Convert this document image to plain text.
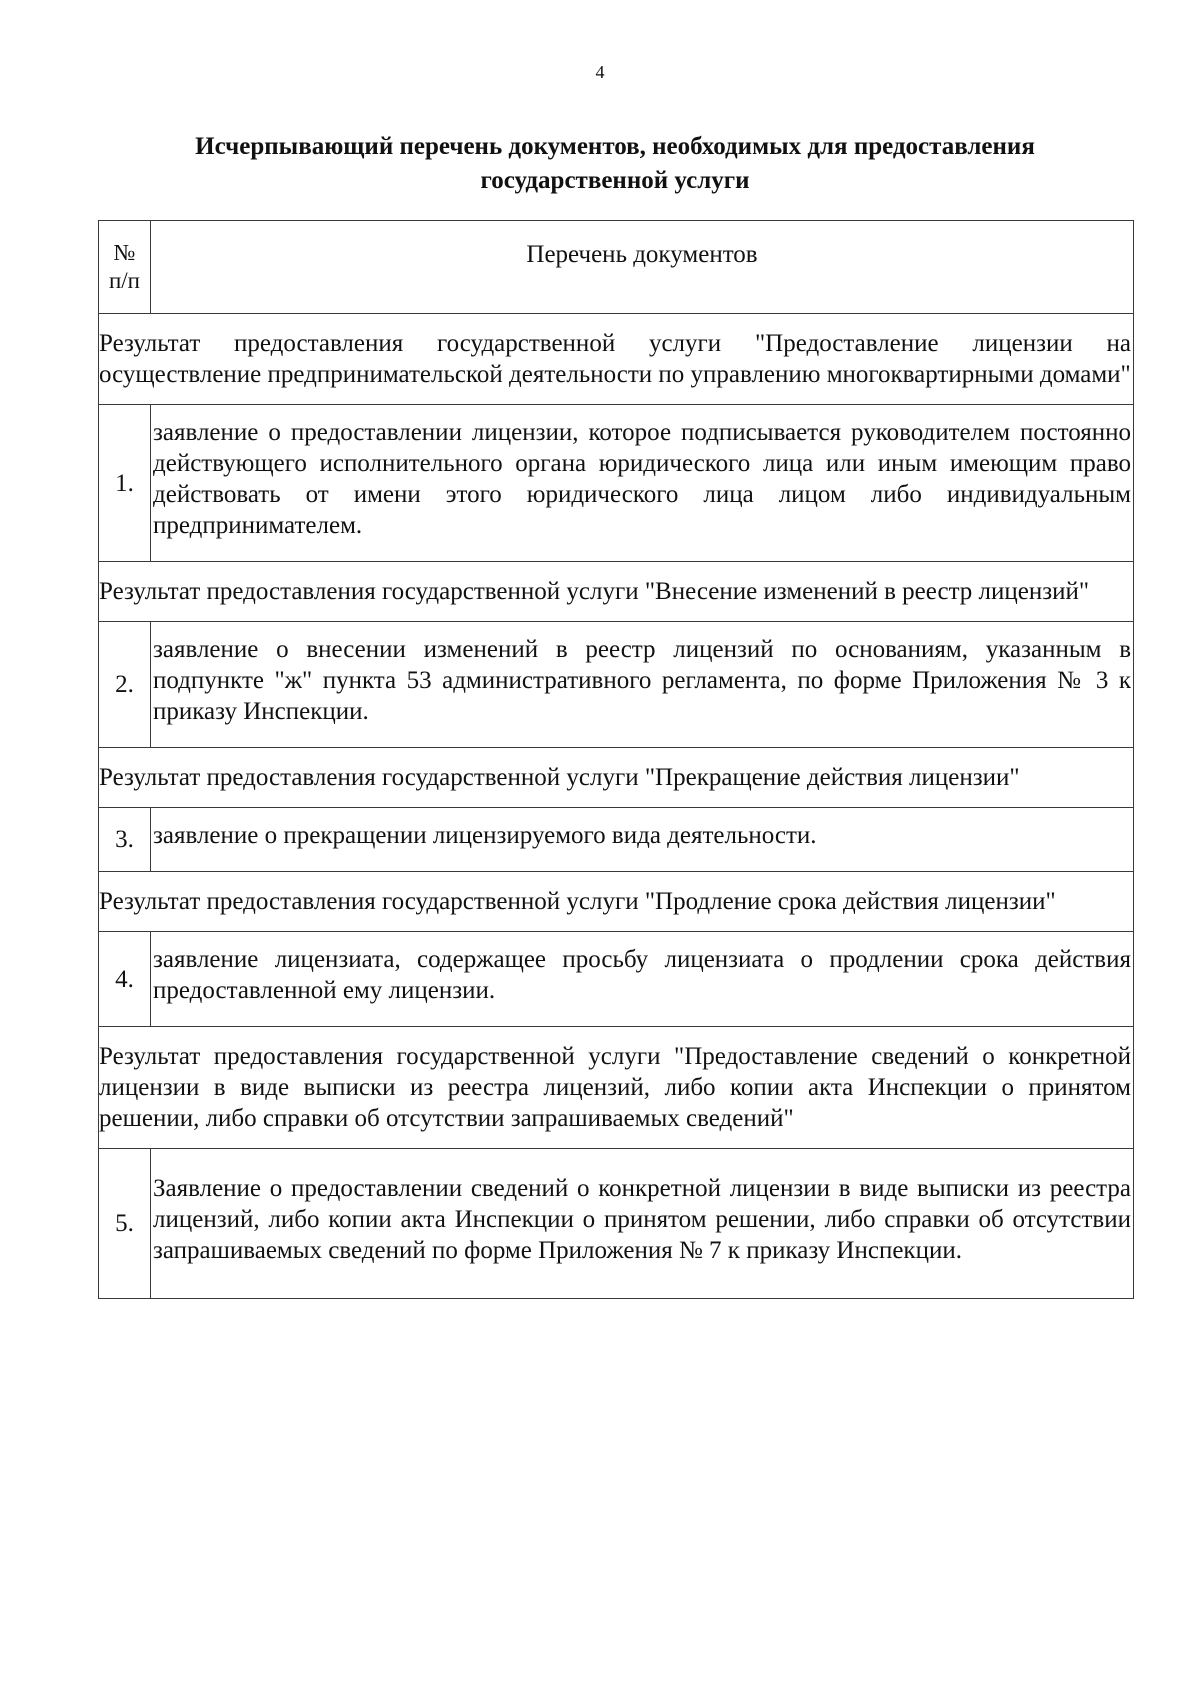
4
Исчерпывающий перечень документов, необходимых для предоставления
государственной услуги
№
п/п	Перечень документов
Результат предоставления государственной услуги "Предоставление лицензии на осуществление предпринимательской деятельности по управлению многоквартирными домами"	
1.	заявление о предоставлении лицензии, которое подписывается руководителем постоянно действующего исполнительного органа юридического лица или иным имеющим право действовать от имени этого юридического лица лицом либо индивидуальным предпринимателем.
Результат предоставления государственной услуги "Внесение изменений в реестр лицензий"	
2.	заявление о внесении изменений в реестр лицензий по основаниям, указанным в подпункте "ж" пункта 53 административного регламента, по форме Приложения № 3 к приказу Инспекции.
Результат предоставления государственной услуги "Прекращение действия лицензии"	
3.	заявление о прекращении лицензируемого вида деятельности.
Результат предоставления государственной услуги "Продление срока действия лицензии"	
4.	заявление лицензиата, содержащее просьбу лицензиата о продлении срока действия предоставленной ему лицензии.
Результат предоставления государственной услуги "Предоставление сведений о конкретной лицензии в виде выписки из реестра лицензий, либо копии акта Инспекции о принятом решении, либо справки об отсутствии запрашиваемых сведений"	
5.	Заявление о предоставлении сведений о конкретной лицензии в виде выписки из реестра лицензий, либо копии акта Инспекции о принятом решении, либо справки об отсутствии запрашиваемых сведений по форме Приложения № 7 к приказу Инспекции.
